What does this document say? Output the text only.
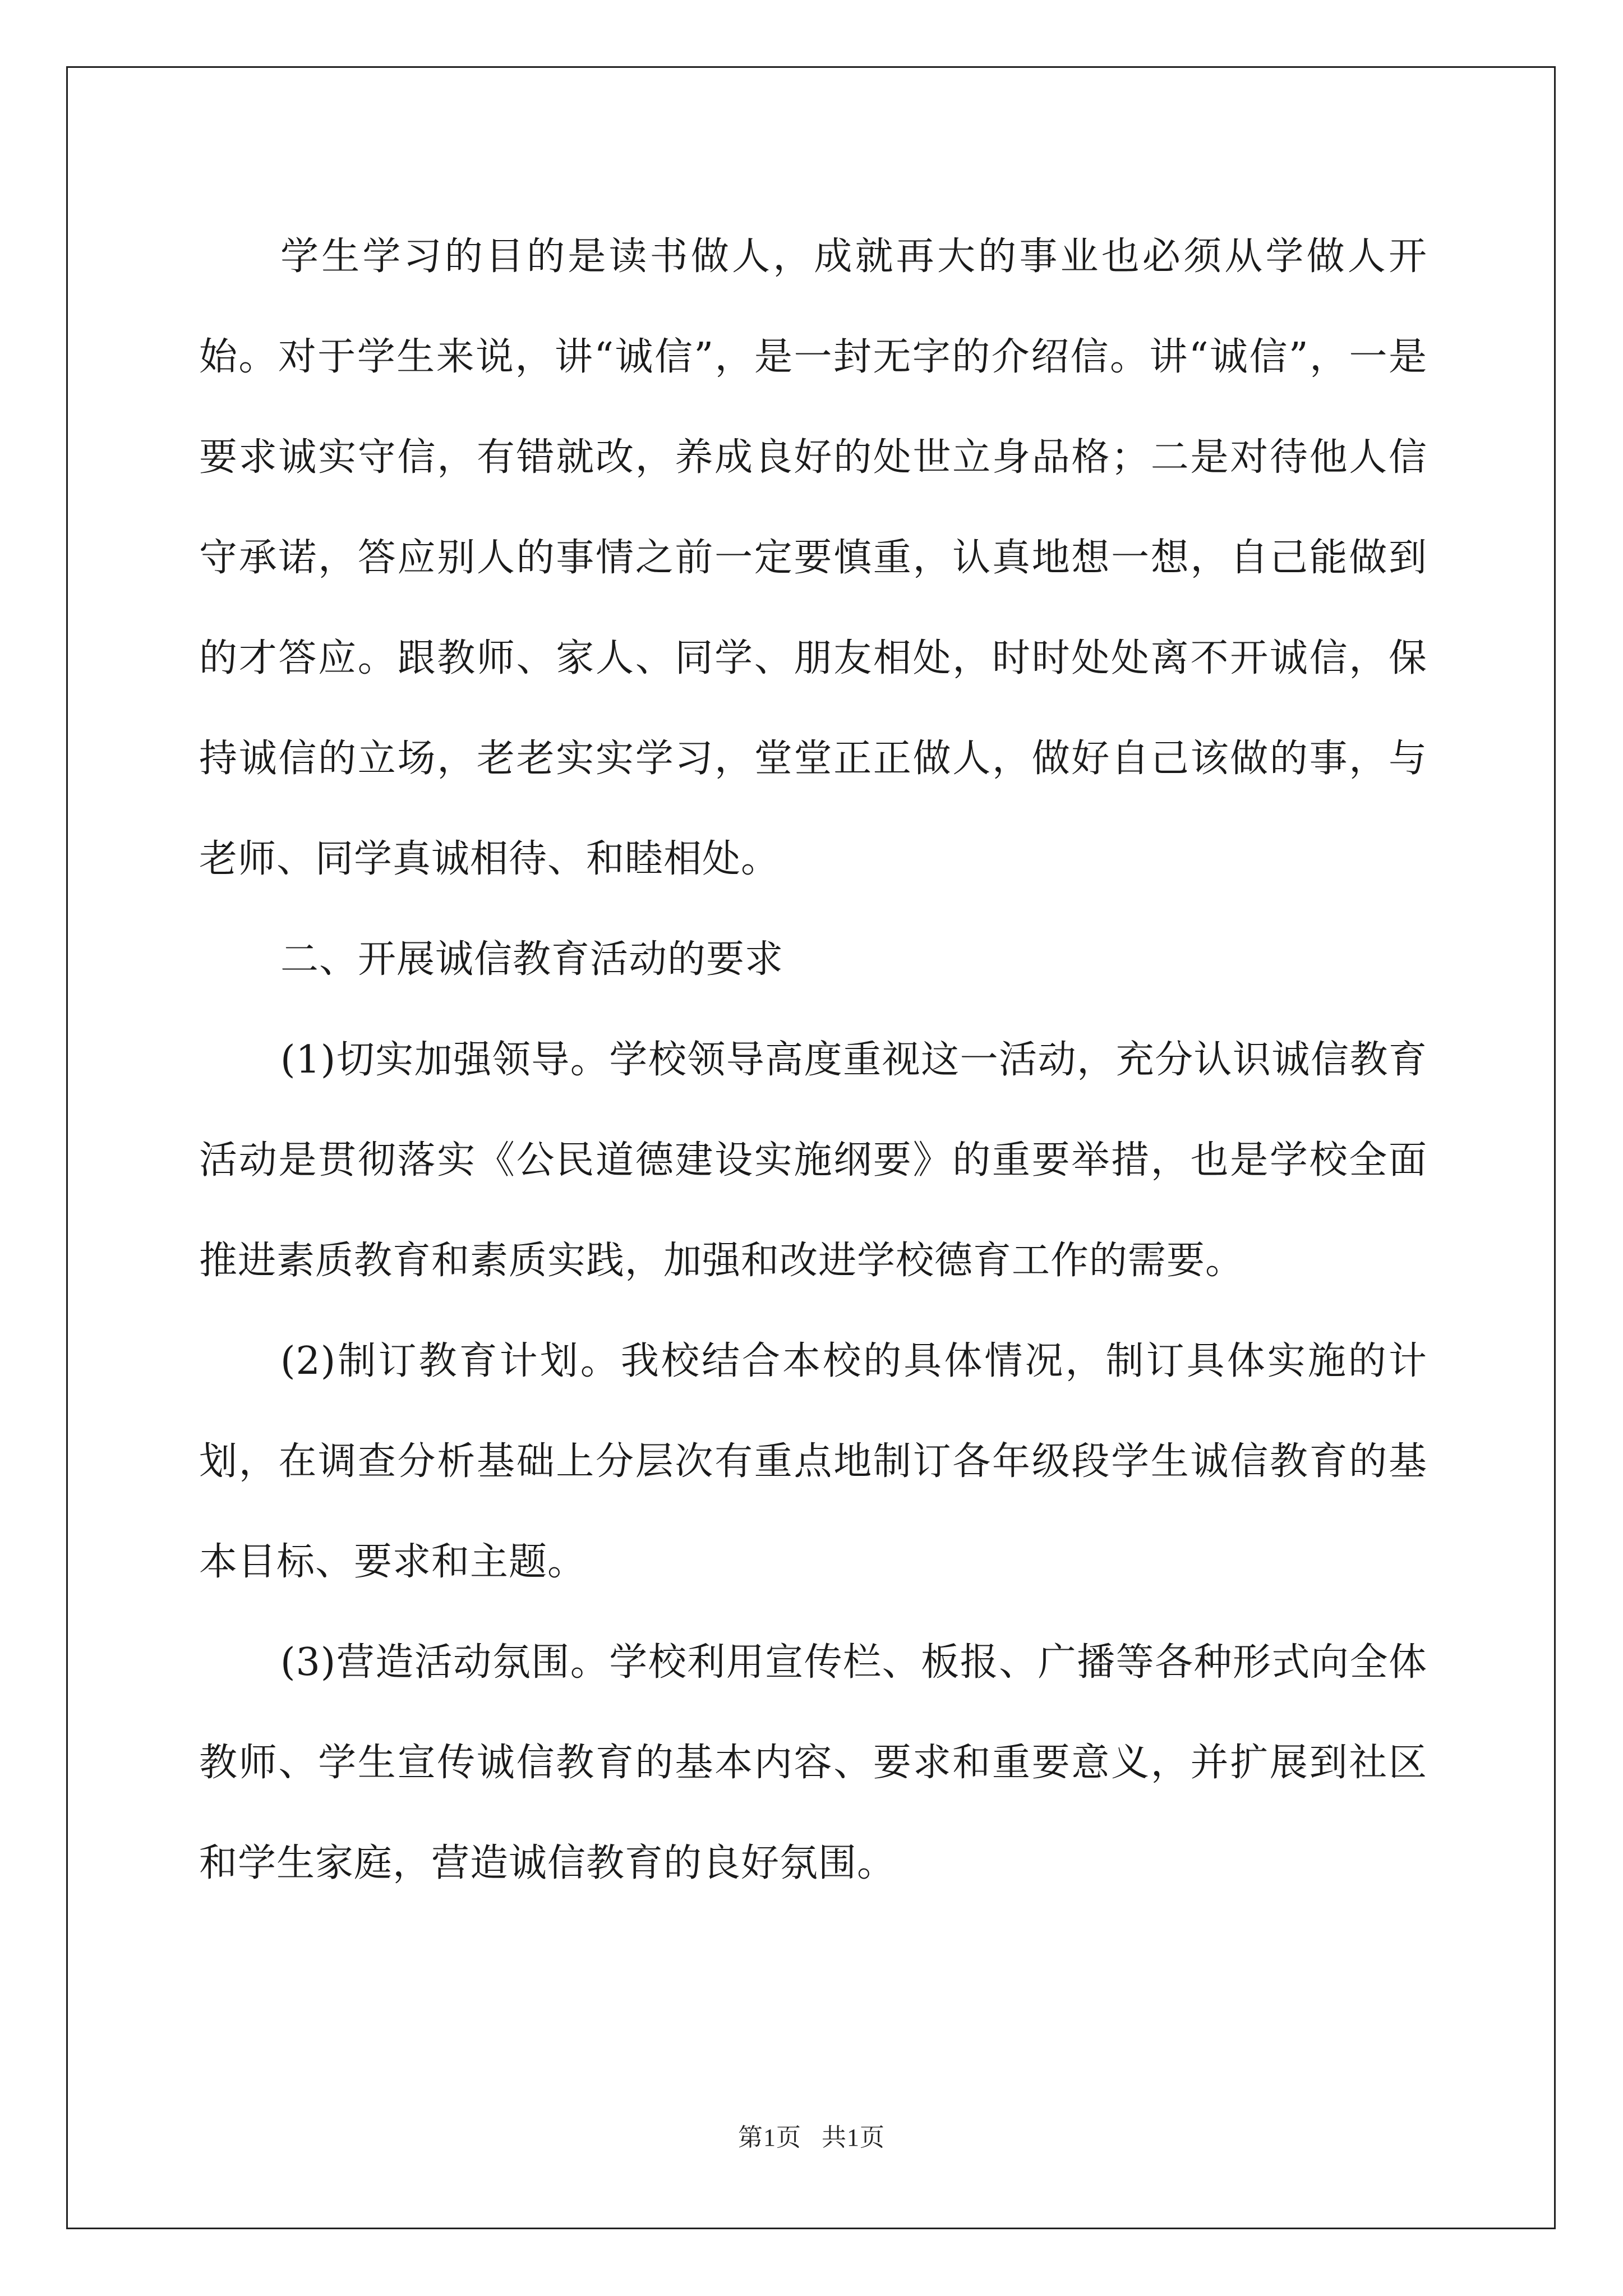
学生学习的目的是读书做人，成就再大的事业也必须从学做人开始。对于学生来说，讲“诚信”，是一封无字的介绍信。讲“诚信”，一是要求诚实守信，有错就改，养成良好的处世立身品格；二是对待他人信守承诺，答应别人的事情之前一定要慎重，认真地想一想，自己能做到的才答应。跟教师、家人、同学、朋友相处，时时处处离不开诚信，保持诚信的立场，老老实实学习，堂堂正正做人，做好自己该做的事，与老师、同学真诚相待、和睦相处。

二、开展诚信教育活动的要求

(1)切实加强领导。学校领导高度重视这一活动，充分认识诚信教育活动是贯彻落实《公民道德建设实施纲要》的重要举措，也是学校全面推进素质教育和素质实践，加强和改进学校德育工作的需要。

(2)制订教育计划。我校结合本校的具体情况，制订具体实施的计划，在调查分析基础上分层次有重点地制订各年级段学生诚信教育的基本目标、要求和主题。

(3)营造活动氛围。学校利用宣传栏、板报、广播等各种形式向全体教师、学生宣传诚信教育的基本内容、要求和重要意义，并扩展到社区和学生家庭，营造诚信教育的良好氛围。

第1页 共1页
